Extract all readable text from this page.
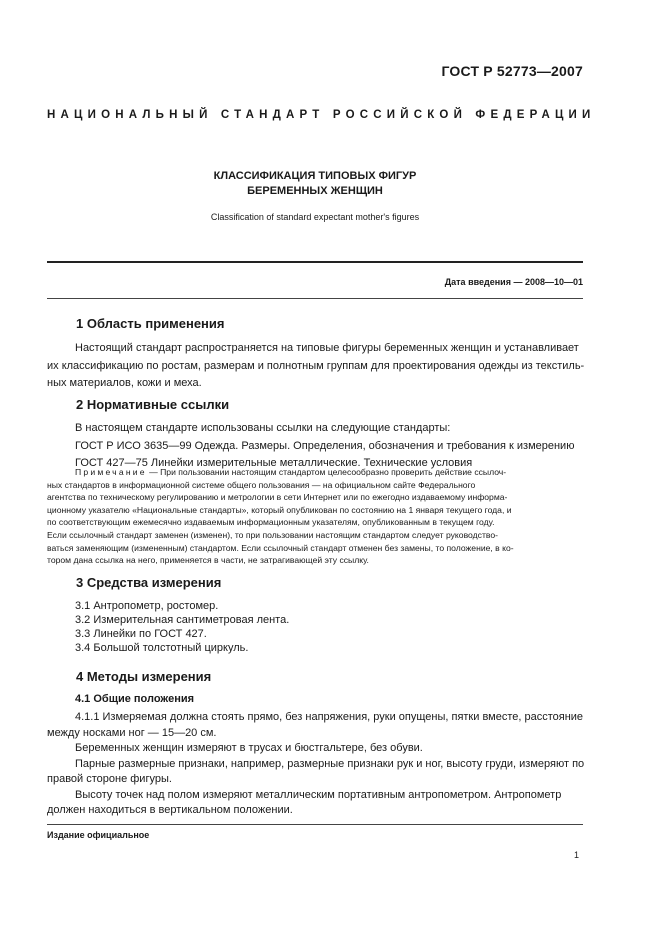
ГОСТ Р 52773—2007
НАЦИОНАЛЬНЫЙ СТАНДАРТ РОССИЙСКОЙ ФЕДЕРАЦИИ
КЛАССИФИКАЦИЯ ТИПОВЫХ ФИГУР
БЕРЕМЕННЫХ ЖЕНЩИН
Classification of standard expectant mother's figures
Дата введения — 2008—10—01
1 Область применения
Настоящий стандарт распространяется на типовые фигуры беременных женщин и устанавливает
их классификацию по ростам, размерам и полнотным группам для проектирования одежды из текстиль-
ных материалов, кожи и меха.
2 Нормативные ссылки
В настоящем стандарте использованы ссылки на следующие стандарты:
ГОСТ Р ИСО 3635—99 Одежда. Размеры. Определения, обозначения и требования к измерению
ГОСТ 427—75 Линейки измерительные металлические. Технические условия
Примечание — При пользовании настоящим стандартом целесообразно проверить действие ссылоч-
ных стандартов в информационной системе общего пользования — на официальном сайте Федерального
агентства по техническому регулированию и метрологии в сети Интернет или по ежегодно издаваемому информа-
ционному указателю «Национальные стандарты», который опубликован по состоянию на 1 января текущего года, и
по соответствующим ежемесячно издаваемым информационным указателям, опубликованным в текущем году.
Если ссылочный стандарт заменен (изменен), то при пользовании настоящим стандартом следует руководство-
ваться заменяющим (измененным) стандартом. Если ссылочный стандарт отменен без замены, то положение, в ко-
тором дана ссылка на него, применяется в части, не затрагивающей эту ссылку.
3 Средства измерения
3.1 Антропометр, ростомер.
3.2 Измерительная сантиметровая лента.
3.3 Линейки по ГОСТ 427.
3.4 Большой толстотный циркуль.
4 Методы измерения
4.1 Общие положения
4.1.1 Измеряемая должна стоять прямо, без напряжения, руки опущены, пятки вместе, расстояние
между носками ног — 15—20 см.
Беременных женщин измеряют в трусах и бюстгальтере, без обуви.
Парные размерные признаки, например, размерные признаки рук и ног, высоту груди, измеряют по
правой стороне фигуры.
Высоту точек над полом измеряют металлическим портативным антропометром. Антропометр
должен находиться в вертикальном положении.
Издание официальное
1
